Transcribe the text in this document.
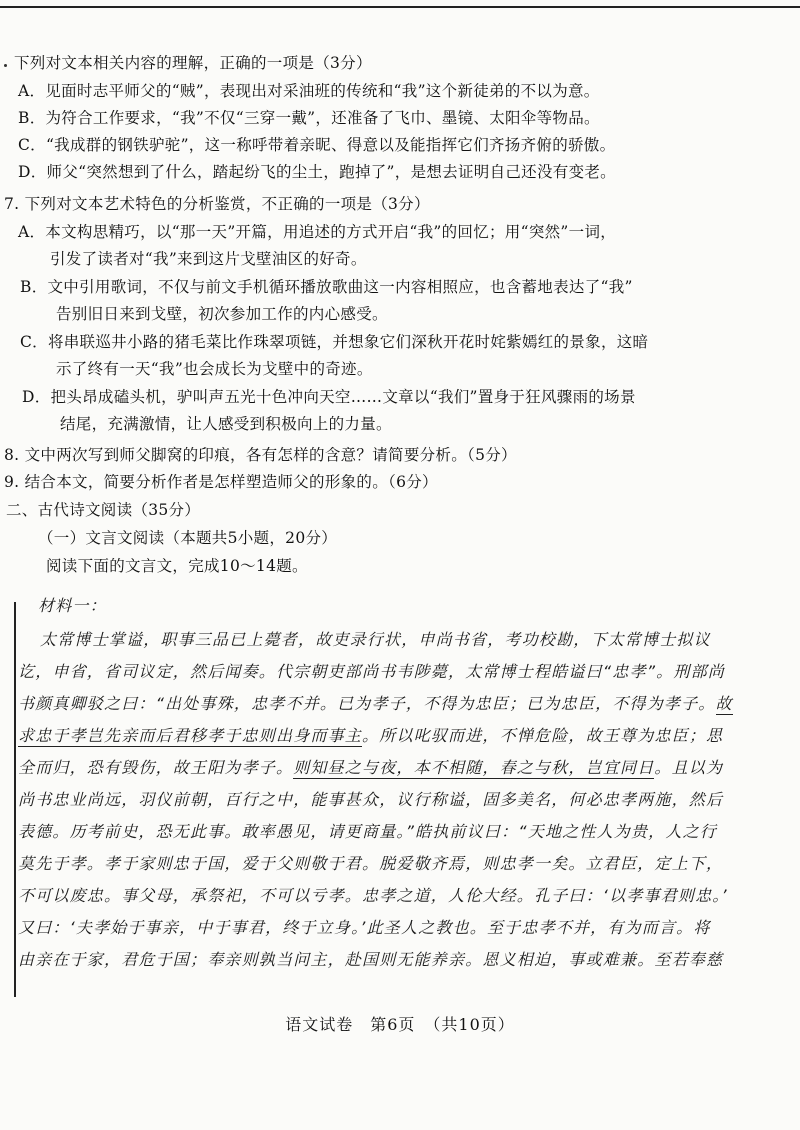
下列对文本相关内容的理解，正确的一项是（3分）
A．见面时志平师父的“贼”，表现出对采油班的传统和“我”这个新徒弟的不以为意。
B．为符合工作要求，“我”不仅“三穿一戴”，还准备了飞巾、墨镜、太阳伞等物品。
C．“我成群的钢铁驴驼”，这一称呼带着亲昵、得意以及能指挥它们齐扬齐俯的骄傲。
D．师父“突然想到了什么，踏起纷飞的尘土，跑掉了”，是想去证明自己还没有变老。
7. 下列对文本艺术特色的分析鉴赏，不正确的一项是（3分）
A．本文构思精巧，以“那一天”开篇，用追述的方式开启“我”的回忆；用“突然”一词，
引发了读者对“我”来到这片戈壁油区的好奇。
B．文中引用歌词，不仅与前文手机循环播放歌曲这一内容相照应，也含蓄地表达了“我”
告别旧日来到戈壁，初次参加工作的内心感受。
C．将串联巡井小路的猪毛菜比作珠翠项链，并想象它们深秋开花时姹紫嫣红的景象，这暗
示了终有一天“我”也会成长为戈壁中的奇迹。
D．把头昂成磕头机，驴叫声五光十色冲向天空……文章以“我们”置身于狂风骤雨的场景
结尾，充满激情，让人感受到积极向上的力量。
8. 文中两次写到师父脚窝的印痕，各有怎样的含意？请简要分析。（5分）
9. 结合本文，简要分析作者是怎样塑造师父的形象的。（6分）
二、古代诗文阅读（35分）
（一）文言文阅读（本题共5小题，20分）
阅读下面的文言文，完成10～14题。
材料一：
太常博士掌谥，职事三品已上薨者，故吏录行状，申尚书省，考功校勘，下太常博士拟议
讫，申省，省司议定，然后闻奏。代宗朝吏部尚书韦陟薨，太常博士程皓谥曰“忠孝”。刑部尚
书颜真卿驳之曰：“出处事殊，忠孝不并。已为孝子，不得为忠臣；已为忠臣，不得为孝子。故
求忠于孝岂先亲而后君移孝于忠则出身而事主。所以叱驭而进，不惮危险，故王尊为忠臣；思
全而归，恐有毁伤，故王阳为孝子。则知昼之与夜，本不相随，春之与秋，岂宜同日。且以为
尚书忠业尚远，羽仪前朝，百行之中，能事甚众，议行称谥，固多美名，何必忠孝两施，然后
表德。历考前史，恐无此事。敢率愚见，请更商量。”皓执前议曰：“天地之性人为贵，人之行
莫先于孝。孝于家则忠于国，爱于父则敬于君。脱爱敬齐焉，则忠孝一矣。立君臣，定上下，
不可以废忠。事父母，承祭祀，不可以亏孝。忠孝之道，人伦大经。孔子曰：‘以孝事君则忠。’
又曰：‘夫孝始于事亲，中于事君，终于立身。’此圣人之教也。至于忠孝不并，有为而言。将
由亲在于家，君危于国；奉亲则孰当问主，赴国则无能养亲。恩义相迫，事或难兼。至若奉慈
语文试卷　第6页　（共10页）
